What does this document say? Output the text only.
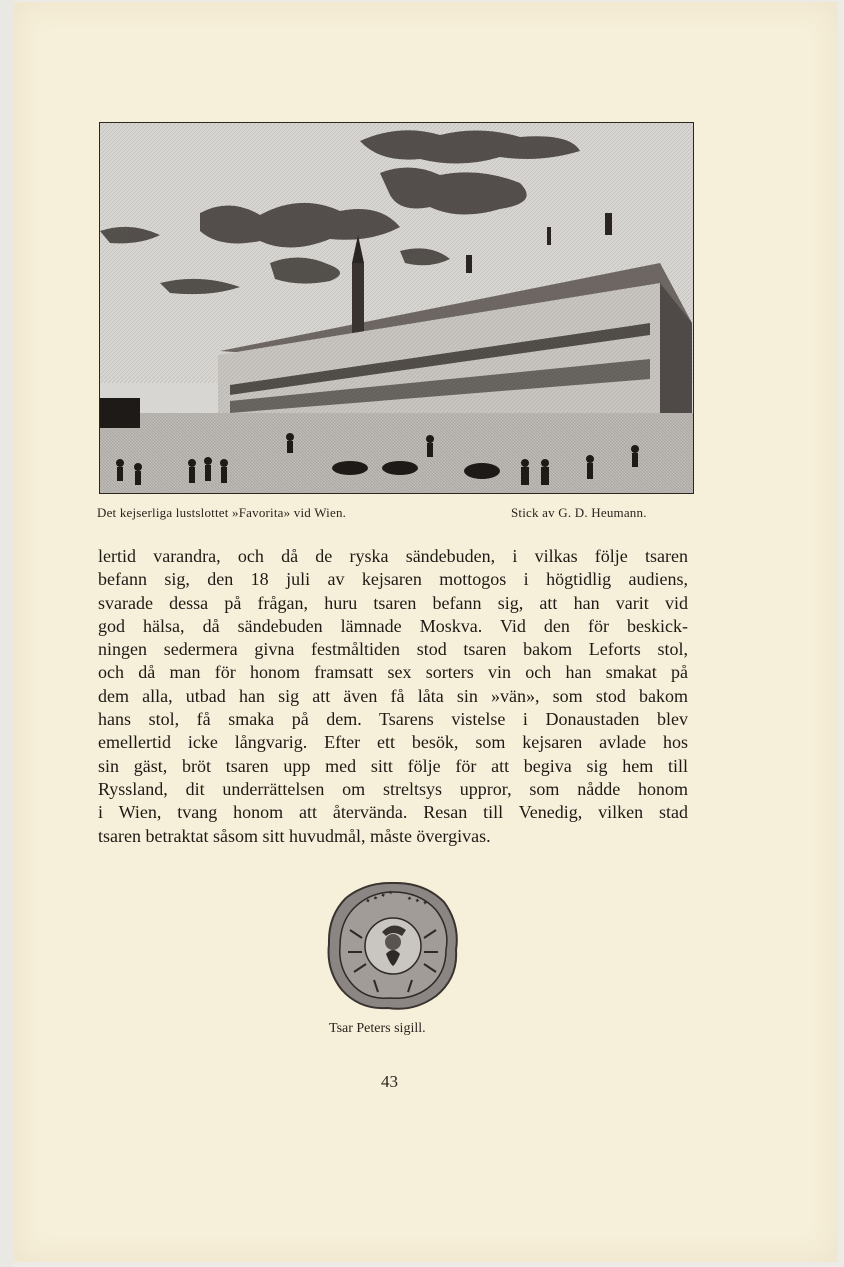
Det kejserliga lustslottet »Favorita» vid Wien.	Stick av G. D. Heumann.
lertid varandra, och då de ryska sändebuden, i vilkas följe tsaren
befann sig, den 18 juli av kejsaren mottogos i högtidlig audiens,
svarade dessa på frågan, huru tsaren befann sig, att han varit vid
god hälsa, då sändebuden lämnade Moskva. Vid den för beskick-
ningen sedermera givna festmåltiden stod tsaren bakom Leforts stol,
och då man för honom framsatt sex sorters vin och han smakat på
dem alla, utbad han sig att även få låta sin »vän», som stod bakom
hans stol, få smaka på dem. Tsarens vistelse i Donaustaden blev
emellertid icke långvarig. Efter ett besök, som kejsaren avlade hos
sin gäst, bröt tsaren upp med sitt följe för att begiva sig hem till
Ryssland, dit underrättelsen om streltsys uppror, som nådde honom
i Wien, tvang honom att återvända. Resan till Venedig, vilken stad
tsaren betraktat såsom sitt huvudmål, måste övergivas.
✦ ✦ ✦ ✦ ✦ ✦ ✦
Tsar Peters sigill.
43
